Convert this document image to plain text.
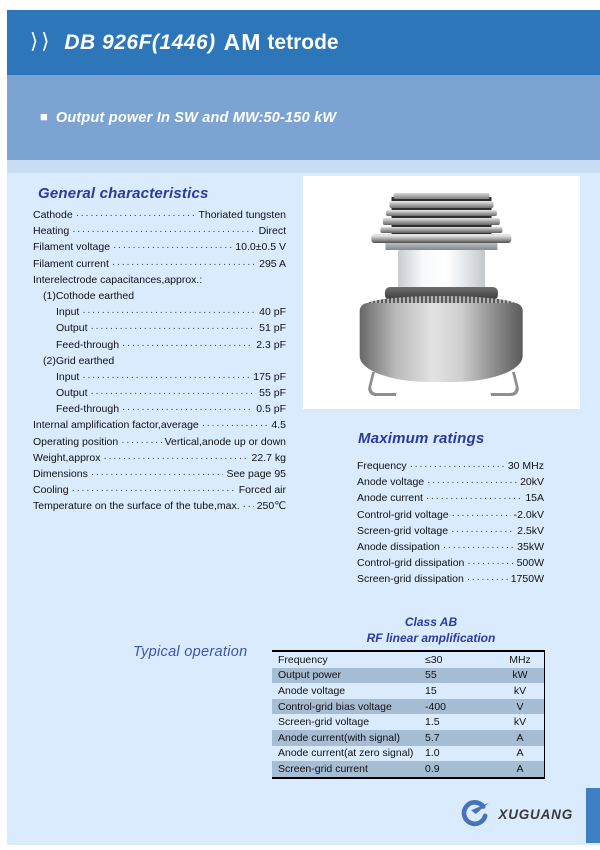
⟩⟩ DB 926F(1446) AM tetrode
■ Output power In SW and MW:50-150 kW
General characteristics
Cathode ·····	Thoriated tungsten
Heating ·····	Direct
Filament voltage ·····	10.0±0.5 V
Filament current ·····	295 A
Interelectrode capacitances,approx.:
(1)Cothode earthed
Input ·····	40 pF
Output ·····	51 pF
Feed-through ·····	2.3 pF
(2)Grid earthed
Input ·····	175 pF
Output ·····	55 pF
Feed-through ·····	0.5 pF
Internal amplification factor,average ·····	4.5
Operating position ·····	Vertical,anode up or down
Weight,approx ·····	22.7 kg
Dimensions ·····	See page 95
Cooling ·····	Forced air
Temperature on the surface of the tube,max. ····· 250℃
Maximum ratings
Frequency ·····	30 MHz
Anode voltage ·····	20kV
Anode current ·····	15A
Control-grid voltage ·····	-2.0kV
Screen-grid voltage ·····	2.5kV
Anode dissipation ·····	35kW
Control-grid dissipation ·····	500W
Screen-grid dissipation ·····	1750W
Typical operation
Class AB
RF linear amplification
Frequency	≤30	MHz
Output power	55	kW
Anode voltage	15	kV
Control-grid bias voltage	-400	V
Screen-grid voltage	1.5	kV
Anode current(with signal)	5.7	A
Anode current(at zero signal)	1.0	A
Screen-grid current	0.9	A
XUGUANG
